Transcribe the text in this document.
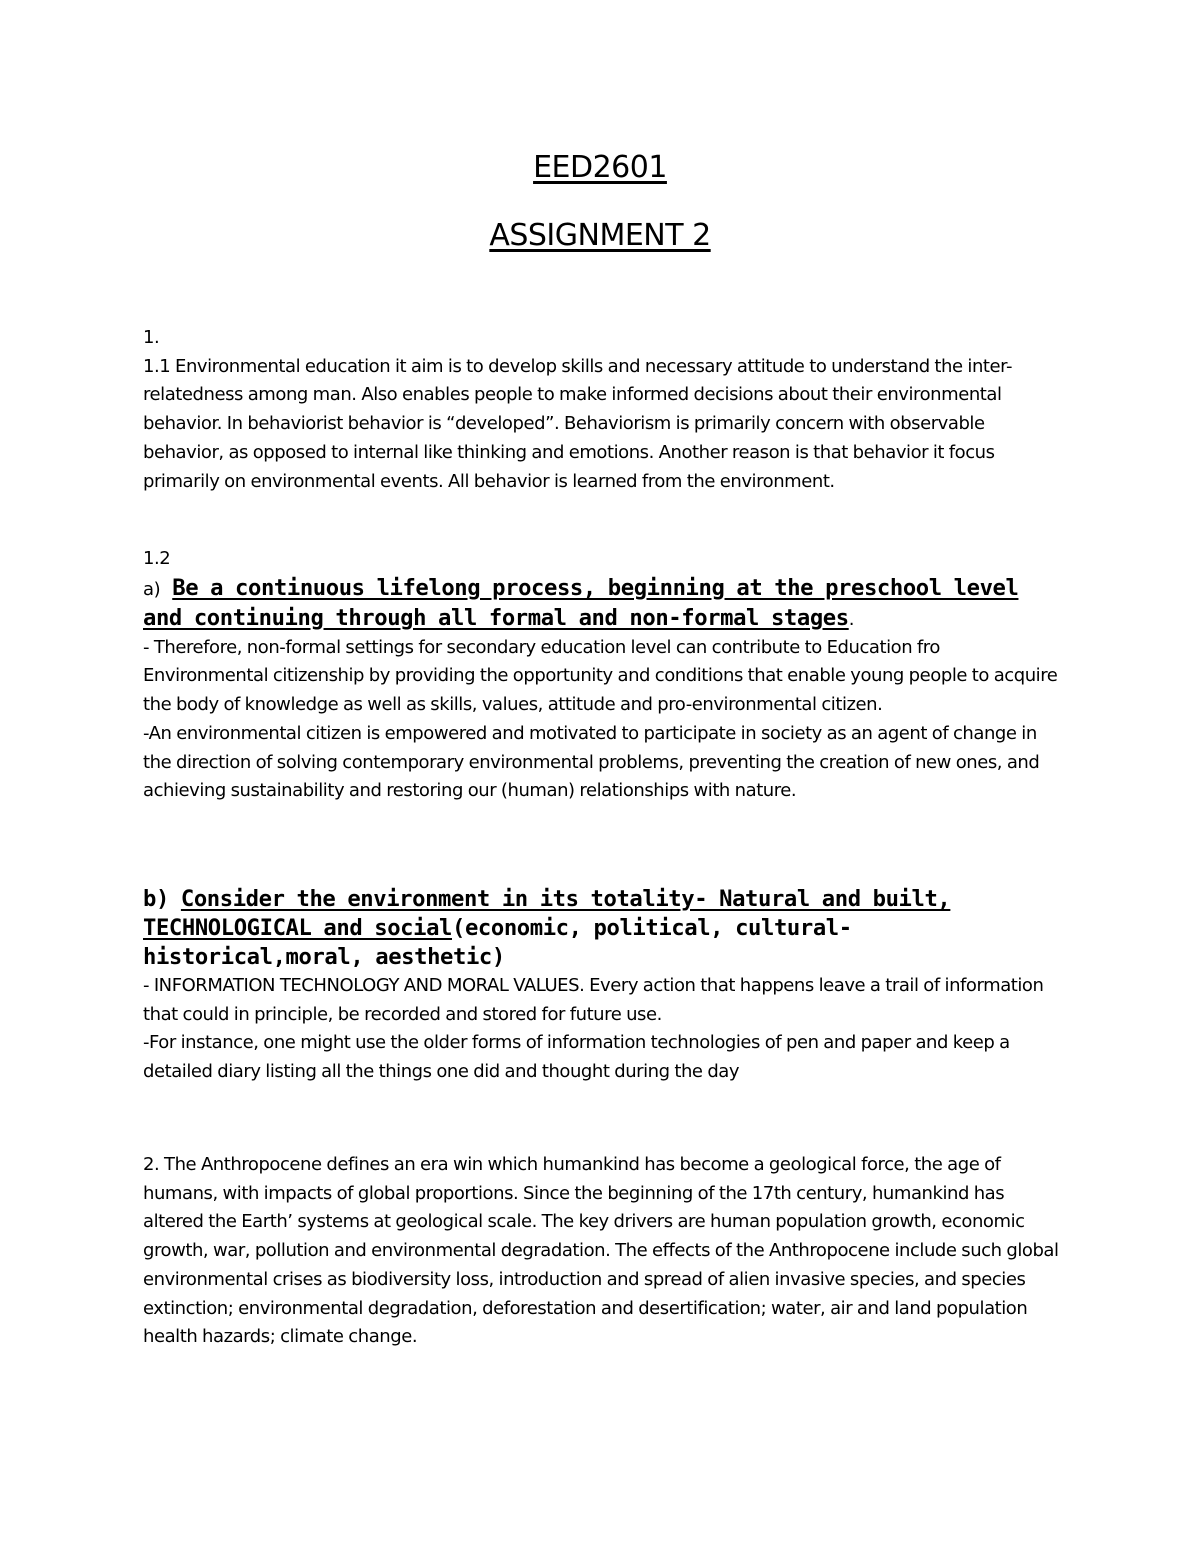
EED2601
ASSIGNMENT 2

1.

1.1 Environmental education it aim is to develop skills and necessary attitude to understand the inter-relatedness among man. Also enables people to make informed decisions about their environmental behavior. In behaviorist behavior is “developed”. Behaviorism is primarily concern with observable behavior, as opposed to internal like thinking and emotions. Another reason is that behavior it focus primarily on environmental events. All behavior is learned from the environment.

1.2

a) Be a continuous lifelong process, beginning at the preschool level and continuing through all formal and non-formal stages.

- Therefore, non-formal settings for secondary education level can contribute to Education fro Environmental citizenship by providing the opportunity and conditions that enable young people to acquire the body of knowledge as well as skills, values, attitude and pro-environmental citizen.

-An environmental citizen is empowered and motivated to participate in society as an agent of change in the direction of solving contemporary environmental problems, preventing the creation of new ones, and achieving sustainability and restoring our (human) relationships with nature.

b) Consider the environment in its totality- Natural and built, TECHNOLOGICAL and social(economic, political, cultural-historical,moral, aesthetic)

- INFORMATION TECHNOLOGY AND MORAL VALUES. Every action that happens leave a trail of information that could in principle, be recorded and stored for future use.

-For instance, one might use the older forms of information technologies of pen and paper and keep a detailed diary listing all the things one did and thought during the day

2. The Anthropocene defines an era win which humankind has become a geological force, the age of humans, with impacts of global proportions. Since the beginning of the 17th century, humankind has altered the Earth’ systems at geological scale. The key drivers are human population growth, economic growth, war, pollution and environmental degradation. The effects of the Anthropocene include such global environmental crises as biodiversity loss, introduction and spread of alien invasive species, and species extinction; environmental degradation, deforestation and desertification; water, air and land population health hazards; climate change.
